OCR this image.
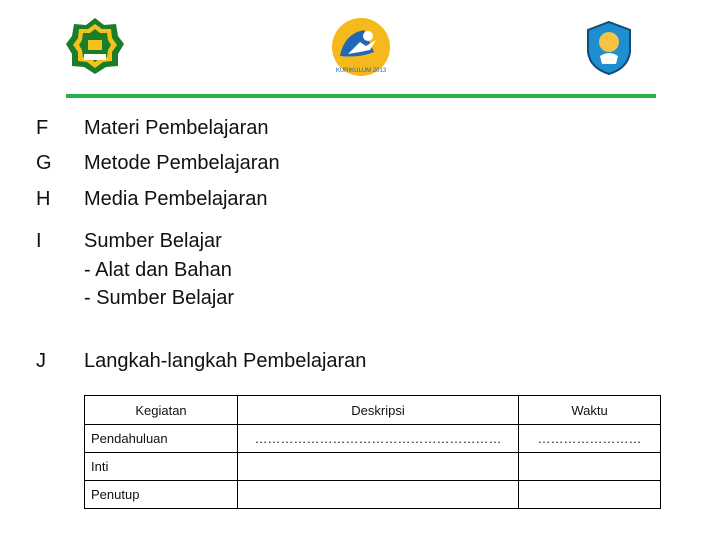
KURIKULUM 2013
F	Materi Pembelajaran
G Metode Pembelajaran
H Media Pembelajaran
I	Sumber Belajar
- Alat dan Bahan
- Sumber Belajar
J	Langkah-langkah Pembelajaran
Kegiatan	Deskripsi	Waktu
Pendahuluan	…………………………………………………	……………………
Inti		
Penutup		
